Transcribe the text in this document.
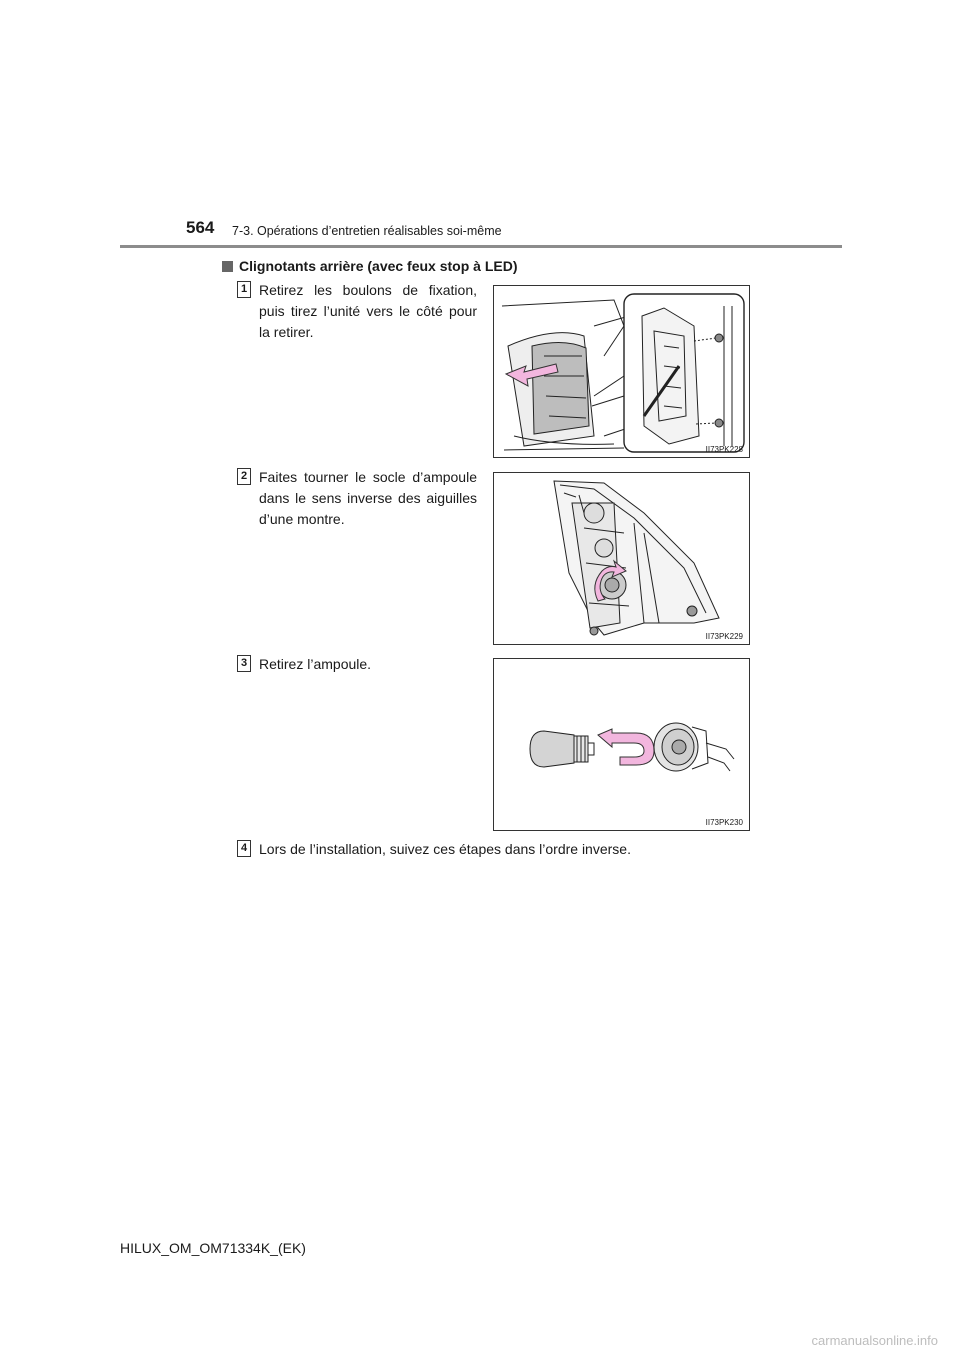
564 7-3. Opérations d’entretien réalisables soi-même
Clignotants arrière (avec feux stop à LED)
1 Retirez les boulons de fixation, puis tirez l’unité vers le côté pour la retirer.
II73PK228
2 Faites tourner le socle d’ampoule dans le sens inverse des aiguilles d’une montre.
II73PK229
3 Retirez l’ampoule.
II73PK230
4 Lors de l’installation, suivez ces étapes dans l’ordre inverse.
HILUX_OM_OM71334K_(EK)
carmanualsonline.info
